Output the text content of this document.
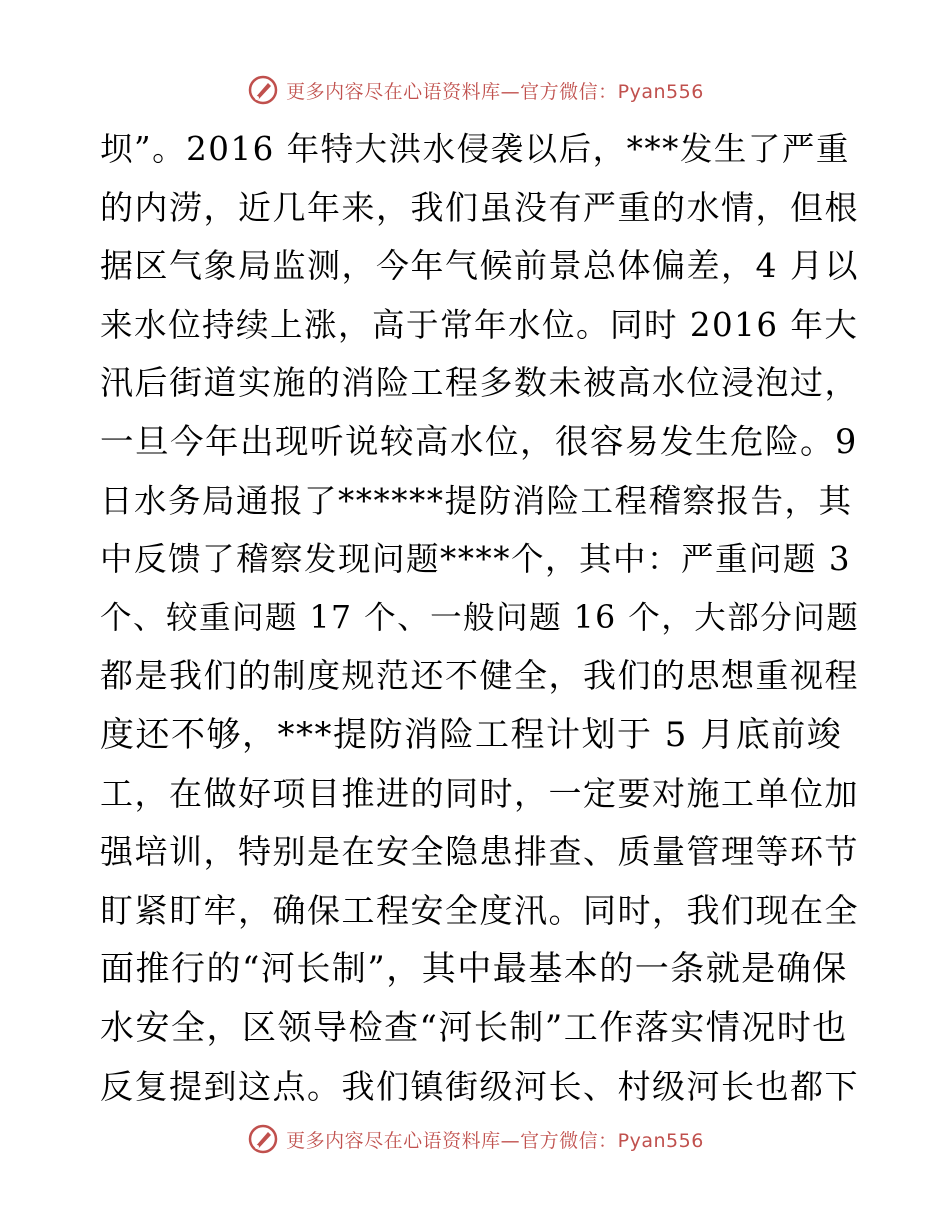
更多内容尽在心语资料库—官方微信：Pyan556
坝”。2016 年特大洪水侵袭以后，***发生了严重
的内涝，近几年来，我们虽没有严重的水情，但根
据区气象局监测，今年气候前景总体偏差，4 月以
来水位持续上涨，高于常年水位。同时 2016 年大
汛后街道实施的消险工程多数未被高水位浸泡过，
一旦今年出现听说较高水位，很容易发生危险。9
日水务局通报了******提防消险工程稽察报告，其
中反馈了稽察发现问题****个，其中：严重问题 3
个、较重问题 17 个、一般问题 16 个，大部分问题
都是我们的制度规范还不健全，我们的思想重视程
度还不够，***提防消险工程计划于 5 月底前竣
工，在做好项目推进的同时，一定要对施工单位加
强培训，特别是在安全隐患排查、质量管理等环节
盯紧盯牢，确保工程安全度汛。同时，我们现在全
面推行的“河长制”，其中最基本的一条就是确保
水安全，区领导检查“河长制”工作落实情况时也
反复提到这点。我们镇街级河长、村级河长也都下
更多内容尽在心语资料库—官方微信：Pyan556
